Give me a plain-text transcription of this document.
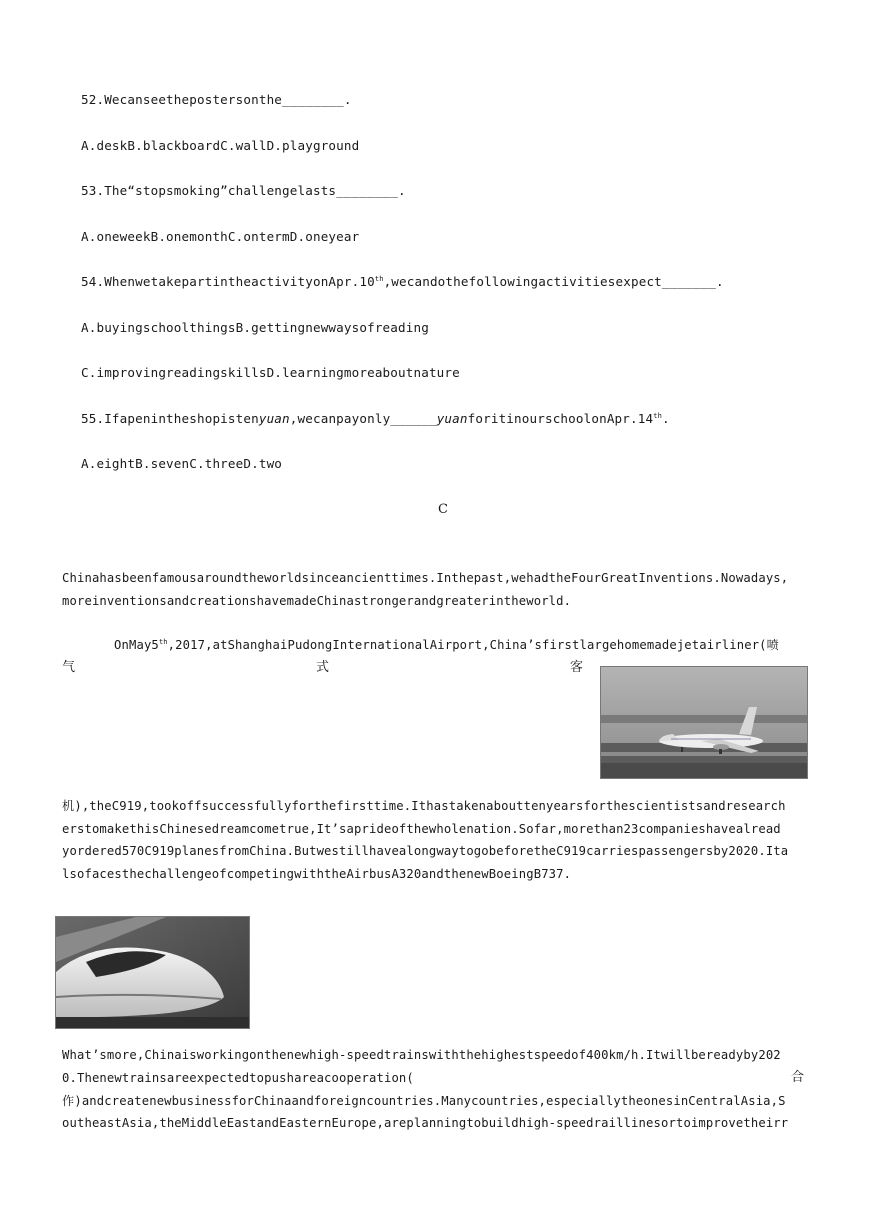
52.Wecanseethepostersonthe________.
A.deskB.blackboardC.wallD.playground
53.The“stopsmoking”challengelasts________.
A.oneweekB.onemonthC.ontermD.oneyear
54.WhenwetakepartintheactivityonApr.10th,wecandothefollowingactivitiesexpect_______.
A.buyingschoolthingsB.gettingnewwaysofreading
C.improvingreadingskillsD.learningmoreaboutnature
55.Ifapenintheshopistenyuan,wecanpayonly______yuanforitinourschoolonApr.14th.
A.eightB.sevenC.threeD.two
C
Chinahasbeenfamousaroundtheworldsinceancienttimes.Inthepast,wehadtheFourGreatInventions.Nowadays,
moreinventionsandcreationshavemadeChinastrongerandgreaterintheworld.
OnMay5th,2017,atShanghaiPudongInternationalAirport,China’sfirstlargehomemadejetairliner(喷
气	式	客
机),theC919,tookoffsuccessfullyforthefirsttime.Ithastakenabouttenyearsforthescientistsandresearch
erstomakethisChinesedreamcometrue,It’saprideofthewholenation.Sofar,morethan23companieshavealread
yordered570C919planesfromChina.ButwestillhavealongwaytogobeforetheC919carriespassengersby2020.Ita
lsofacesthechallengeofcompetingwiththeAirbusA320andthenewBoeingB737.
What’smore,Chinaisworkingonthenewhigh-speedtrainswiththehighestspeedof400km/h.Itwillbereadyby202
0.Thenewtrainsareexpectedtopushareacooperation(	合
作)andcreatenewbusinessforChinaandforeigncountries.Manycountries,especiallytheonesinCentralAsia,S
outheastAsia,theMiddleEastandEasternEurope,areplanningtobuildhigh-speedraillinesortoimprovetheirr
